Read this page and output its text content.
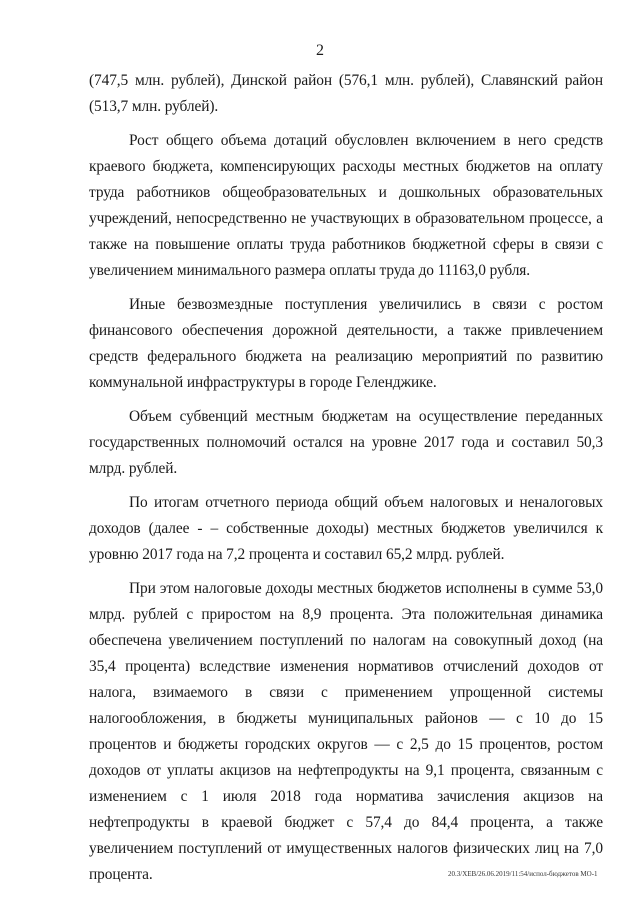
2

(747,5 млн. рублей), Динской район (576,1 млн. рублей), Славянский район (513,7 млн. рублей).

Рост общего объема дотаций обусловлен включением в него средств краевого бюджета, компенсирующих расходы местных бюджетов на оплату труда работников общеобразовательных и дошкольных образовательных учреждений, непосредственно не участвующих в образовательном процессе, а также на повышение оплаты труда работников бюджетной сферы в связи с увеличением минимального размера оплаты труда до 11163,0 рубля.

Иные безвозмездные поступления увеличились в связи с ростом финансового обеспечения дорожной деятельности, а также привлечением средств федерального бюджета на реализацию мероприятий по развитию коммунальной инфраструктуры в городе Геленджике.

Объем субвенций местным бюджетам на осуществление переданных государственных полномочий остался на уровне 2017 года и составил 50,3 млрд. рублей.

По итогам отчетного периода общий объем налоговых и неналоговых доходов (далее - – собственные доходы) местных бюджетов увеличился к уровню 2017 года на 7,2 процента и составил 65,2 млрд. рублей.

При этом налоговые доходы местных бюджетов исполнены в сумме 53,0 млрд. рублей с приростом на 8,9 процента. Эта положительная динамика обеспечена увеличением поступлений по налогам на совокупный доход (на 35,4 процента) вследствие изменения нормативов отчислений доходов от налога, взимаемого в связи с применением упрощенной системы налогообложения, в бюджеты муниципальных районов — с 10 до 15 процентов и бюджеты городских округов — с 2,5 до 15 процентов, ростом доходов от уплаты акцизов на нефтепродукты на 9,1 процента, связанным с изменением с 1 июля 2018 года норматива зачисления акцизов на нефтепродукты в краевой бюджет с 57,4 до 84,4 процента, а также увеличением поступлений от имущественных налогов физических лиц на 7,0 процента.	20.3/ХЕВ/26.06.2019/11:54/испол-бюджетов МО-1
